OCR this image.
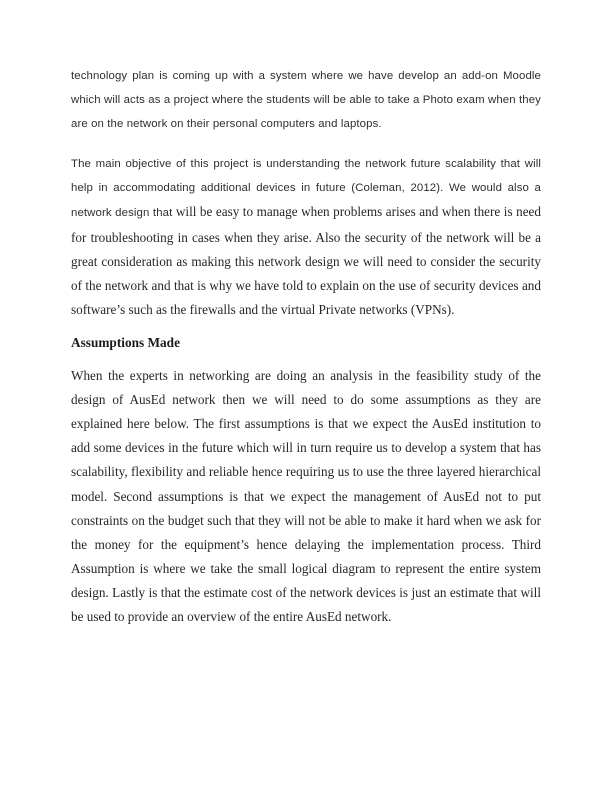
technology plan is coming up with a system where we have develop an add-on Moodle which will acts as a project where the students will be able to take a Photo exam when they are on the network on their personal computers and laptops.

The main objective of this project is understanding the network future scalability that will help in accommodating additional devices in future (Coleman, 2012). We would also a network design that will be easy to manage when problems arises and when there is need for troubleshooting in cases when they arise. Also the security of the network will be a great consideration as making this network design we will need to consider the security of the network and that is why we have told to explain on the use of security devices and software’s such as the firewalls and the virtual Private networks (VPNs).

Assumptions Made

When the experts in networking are doing an analysis in the feasibility study of the design of AusEd network then we will need to do some assumptions as they are explained here below. The first assumptions is that we expect the AusEd institution to add some devices in the future which will in turn require us to develop a system that has scalability, flexibility and reliable hence requiring us to use the three layered hierarchical model. Second assumptions is that we expect the management of AusEd not to put constraints on the budget such that they will not be able to make it hard when we ask for the money for the equipment’s hence delaying the implementation process. Third Assumption is where we take the small logical diagram to represent the entire system design. Lastly is that the estimate cost of the network devices is just an estimate that will be used to provide an overview of the entire AusEd network.
